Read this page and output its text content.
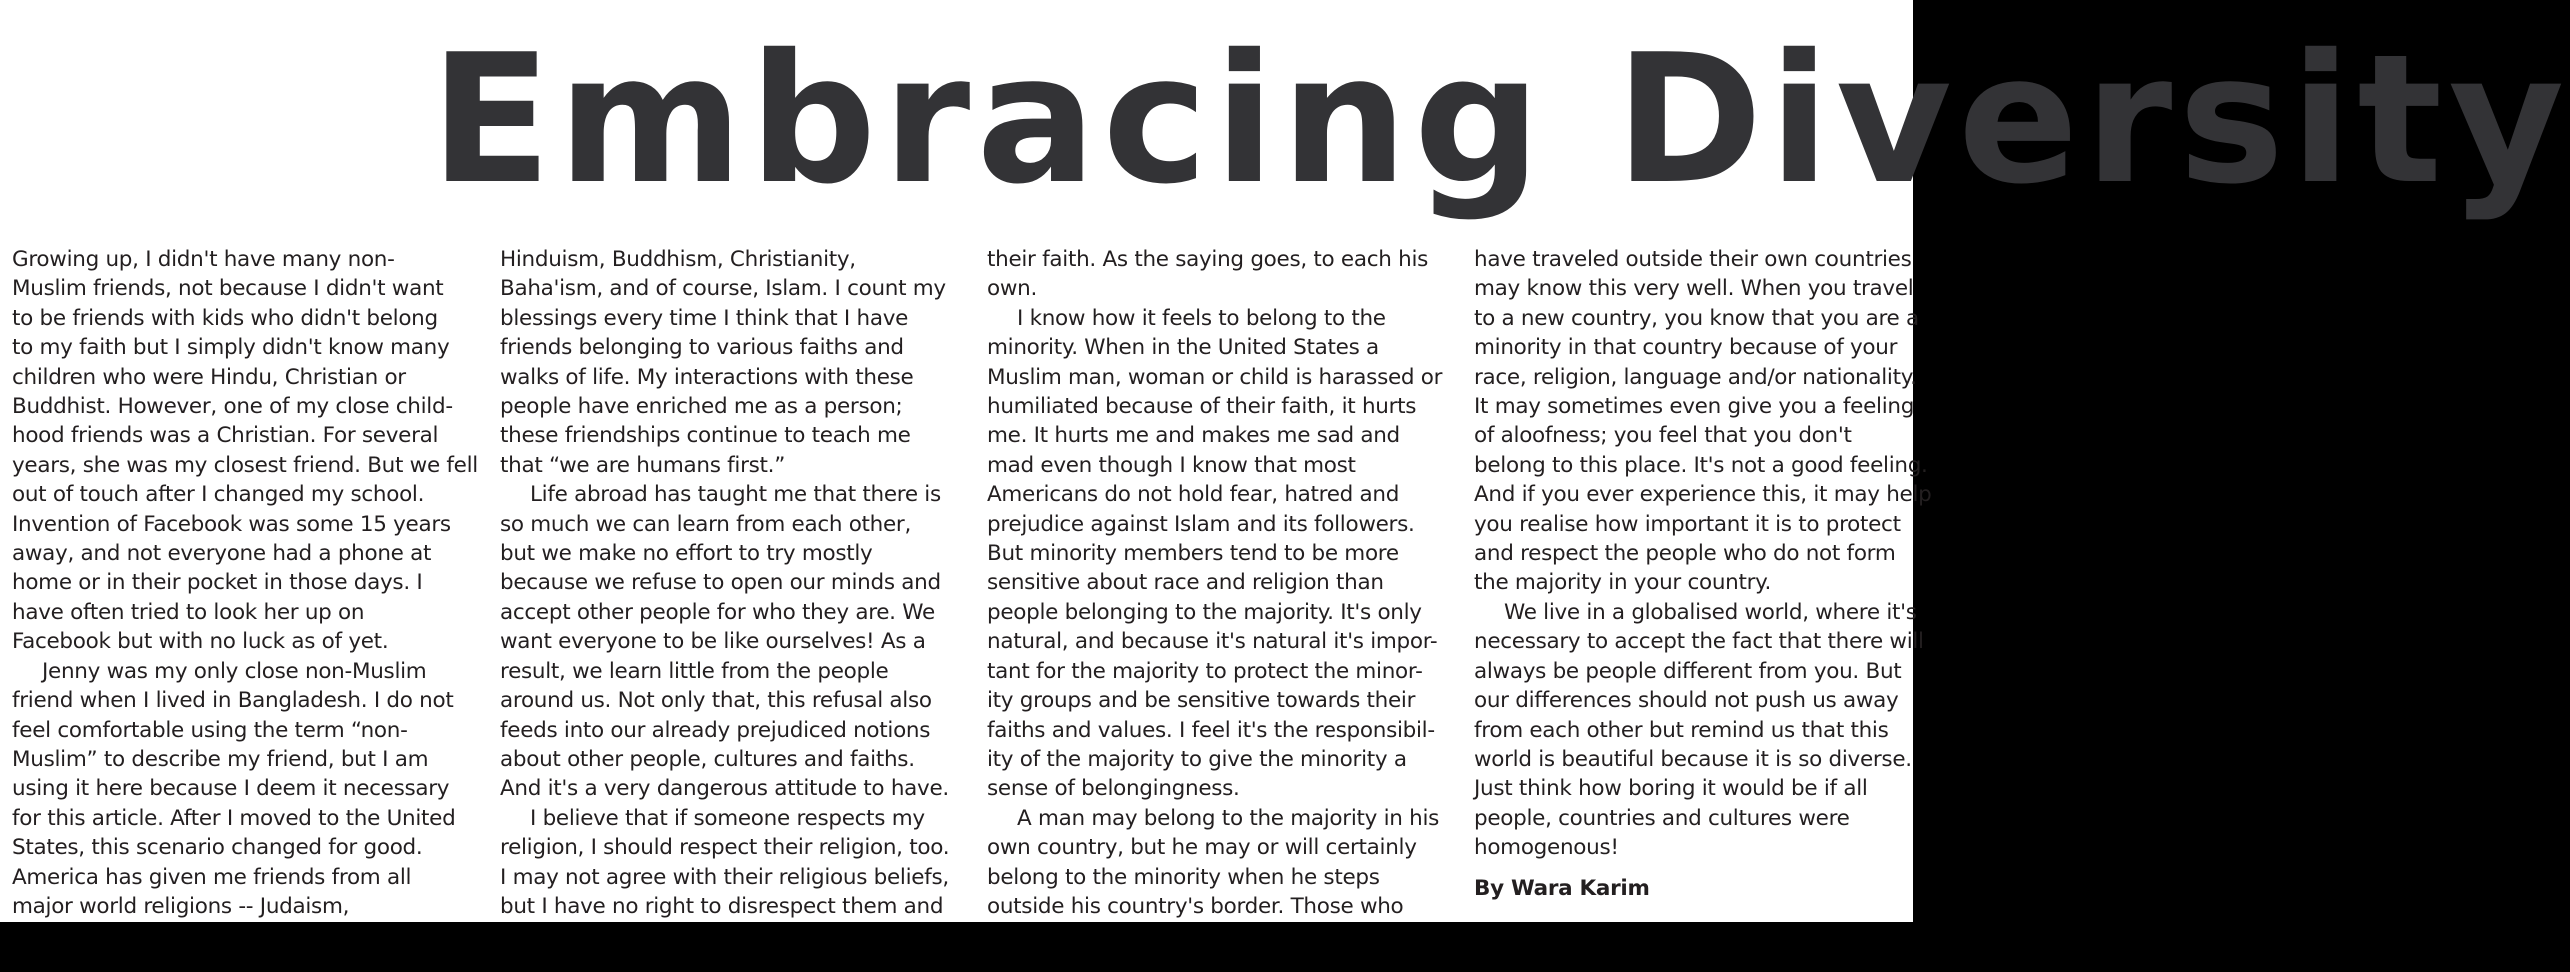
Embracing Diversity
Growing up, I didn't have many non-
Muslim friends, not because I didn't want
to be friends with kids who didn't belong
to my faith but I simply didn't know many
children who were Hindu, Christian or
Buddhist. However, one of my close child-
hood friends was a Christian. For several
years, she was my closest friend. But we fell
out of touch after I changed my school.
Invention of Facebook was some 15 years
away, and not everyone had a phone at
home or in their pocket in those days. I
have often tried to look her up on
Facebook but with no luck as of yet.
Jenny was my only close non-Muslim
friend when I lived in Bangladesh. I do not
feel comfortable using the term “non-
Muslim” to describe my friend, but I am
using it here because I deem it necessary
for this article. After I moved to the United
States, this scenario changed for good.
America has given me friends from all
major world religions -- Judaism,
Hinduism, Buddhism, Christianity,
Baha'ism, and of course, Islam. I count my
blessings every time I think that I have
friends belonging to various faiths and
walks of life. My interactions with these
people have enriched me as a person;
these friendships continue to teach me
that “we are humans first.”
Life abroad has taught me that there is
so much we can learn from each other,
but we make no effort to try mostly
because we refuse to open our minds and
accept other people for who they are. We
want everyone to be like ourselves! As a
result, we learn little from the people
around us. Not only that, this refusal also
feeds into our already prejudiced notions
about other people, cultures and faiths.
And it's a very dangerous attitude to have.
I believe that if someone respects my
religion, I should respect their religion, too.
I may not agree with their religious beliefs,
but I have no right to disrespect them and
their faith. As the saying goes, to each his
own.
I know how it feels to belong to the
minority. When in the United States a
Muslim man, woman or child is harassed or
humiliated because of their faith, it hurts
me. It hurts me and makes me sad and
mad even though I know that most
Americans do not hold fear, hatred and
prejudice against Islam and its followers.
But minority members tend to be more
sensitive about race and religion than
people belonging to the majority. It's only
natural, and because it's natural it's impor-
tant for the majority to protect the minor-
ity groups and be sensitive towards their
faiths and values. I feel it's the responsibil-
ity of the majority to give the minority a
sense of belongingness.
A man may belong to the majority in his
own country, but he may or will certainly
belong to the minority when he steps
outside his country's border. Those who
have traveled outside their own countries
may know this very well. When you travel
to a new country, you know that you are a
minority in that country because of your
race, religion, language and/or nationality.
It may sometimes even give you a feeling
of aloofness; you feel that you don't
belong to this place. It's not a good feeling.
And if you ever experience this, it may help
you realise how important it is to protect
and respect the people who do not form
the majority in your country.
We live in a globalised world, where it's
necessary to accept the fact that there will
always be people different from you. But
our differences should not push us away
from each other but remind us that this
world is beautiful because it is so diverse.
Just think how boring it would be if all
people, countries and cultures were
homogenous!
By Wara Karim
